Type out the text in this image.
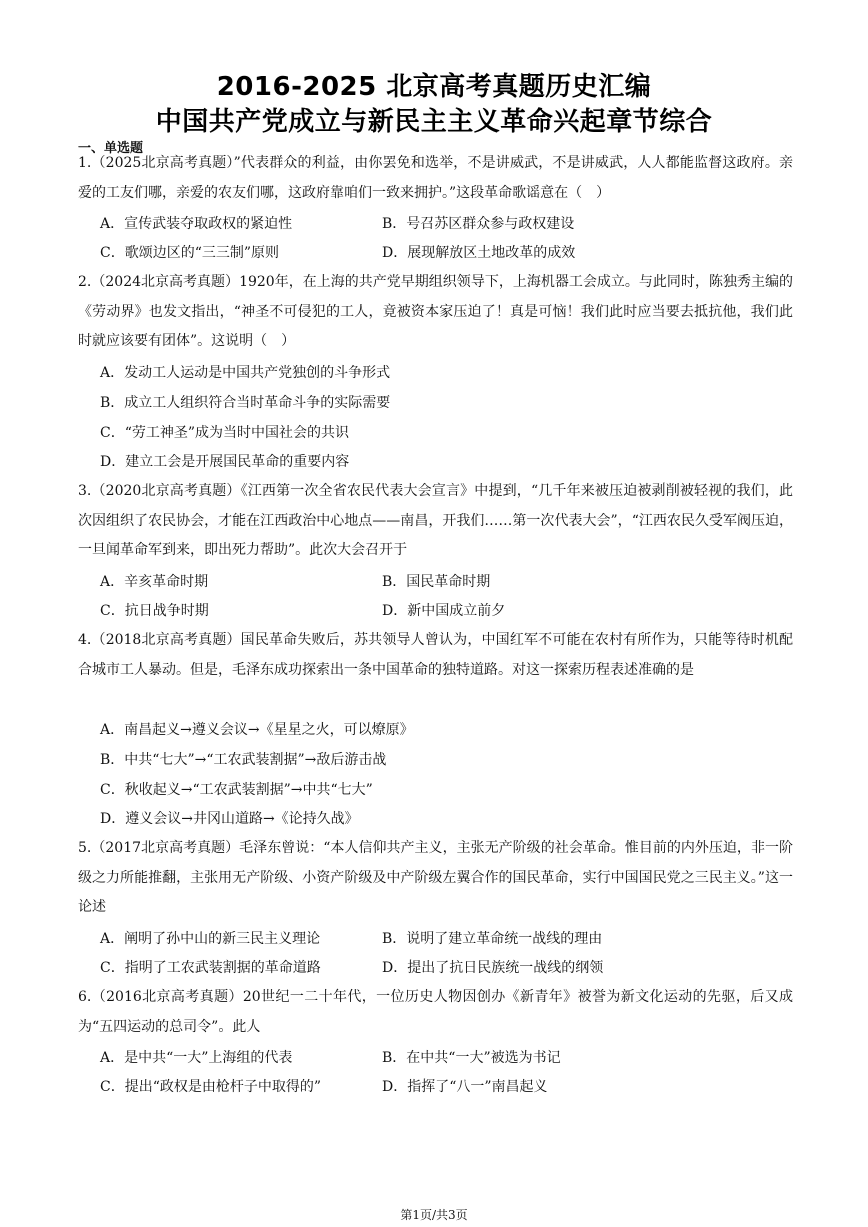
2016-2025 北京高考真题历史汇编
中国共产党成立与新民主主义革命兴起章节综合
一、单选题
1.（2025北京高考真题）”代表群众的利益，由你罢免和选举，不是讲威武，不是讲威武，人人都能监督这政府。亲爱的工友们哪，亲爱的农友们哪，这政府靠咱们一致来拥护。”这段革命歌谣意在（　）
A．宣传武装夺取政权的紧迫性	B．号召苏区群众参与政权建设
C．歌颂边区的“三三制”原则	D．展现解放区土地改革的成效
2.（2024北京高考真题）1920年，在上海的共产党早期组织领导下，上海机器工会成立。与此同时，陈独秀主编的《劳动界》也发文指出，“神圣不可侵犯的工人，竟被资本家压迫了！真是可恼！我们此时应当要去抵抗他，我们此时就应该要有团体”。这说明（　）
A．发动工人运动是中国共产党独创的斗争形式
B．成立工人组织符合当时革命斗争的实际需要
C．“劳工神圣”成为当时中国社会的共识
D．建立工会是开展国民革命的重要内容
3.（2020北京高考真题）《江西第一次全省农民代表大会宣言》中提到，“几千年来被压迫被剥削被轻视的我们，此次因组织了农民协会，才能在江西政治中心地点——南昌，开我们……第一次代表大会”，“江西农民久受军阀压迫，一旦闻革命军到来，即出死力帮助”。此次大会召开于
A．辛亥革命时期	B．国民革命时期
C．抗日战争时期	D．新中国成立前夕
4.（2018北京高考真题）国民革命失败后，苏共领导人曾认为，中国红军不可能在农村有所作为，只能等待时机配合城市工人暴动。但是，毛泽东成功探索出一条中国革命的独特道路。对这一探索历程表述准确的是
A．南昌起义→遵义会议→《星星之火，可以燎原》
B．中共“七大”→“工农武装割据”→敌后游击战
C．秋收起义→“工农武装割据”→中共“七大”
D．遵义会议→井冈山道路→《论持久战》
5.（2017北京高考真题）毛泽东曾说：“本人信仰共产主义，主张无产阶级的社会革命。惟目前的内外压迫，非一阶级之力所能推翻，主张用无产阶级、小资产阶级及中产阶级左翼合作的国民革命，实行中国国民党之三民主义。”这一论述
A．阐明了孙中山的新三民主义理论	B．说明了建立革命统一战线的理由
C．指明了工农武装割据的革命道路	D．提出了抗日民族统一战线的纲领
6.（2016北京高考真题）20世纪一二十年代，一位历史人物因创办《新青年》被誉为新文化运动的先驱，后又成为“五四运动的总司令”。此人
A．是中共“一大”上海组的代表	B．在中共“一大”被选为书记
C．提出“政权是由枪杆子中取得的”	D．指挥了“八一”南昌起义
第1页/共3页
